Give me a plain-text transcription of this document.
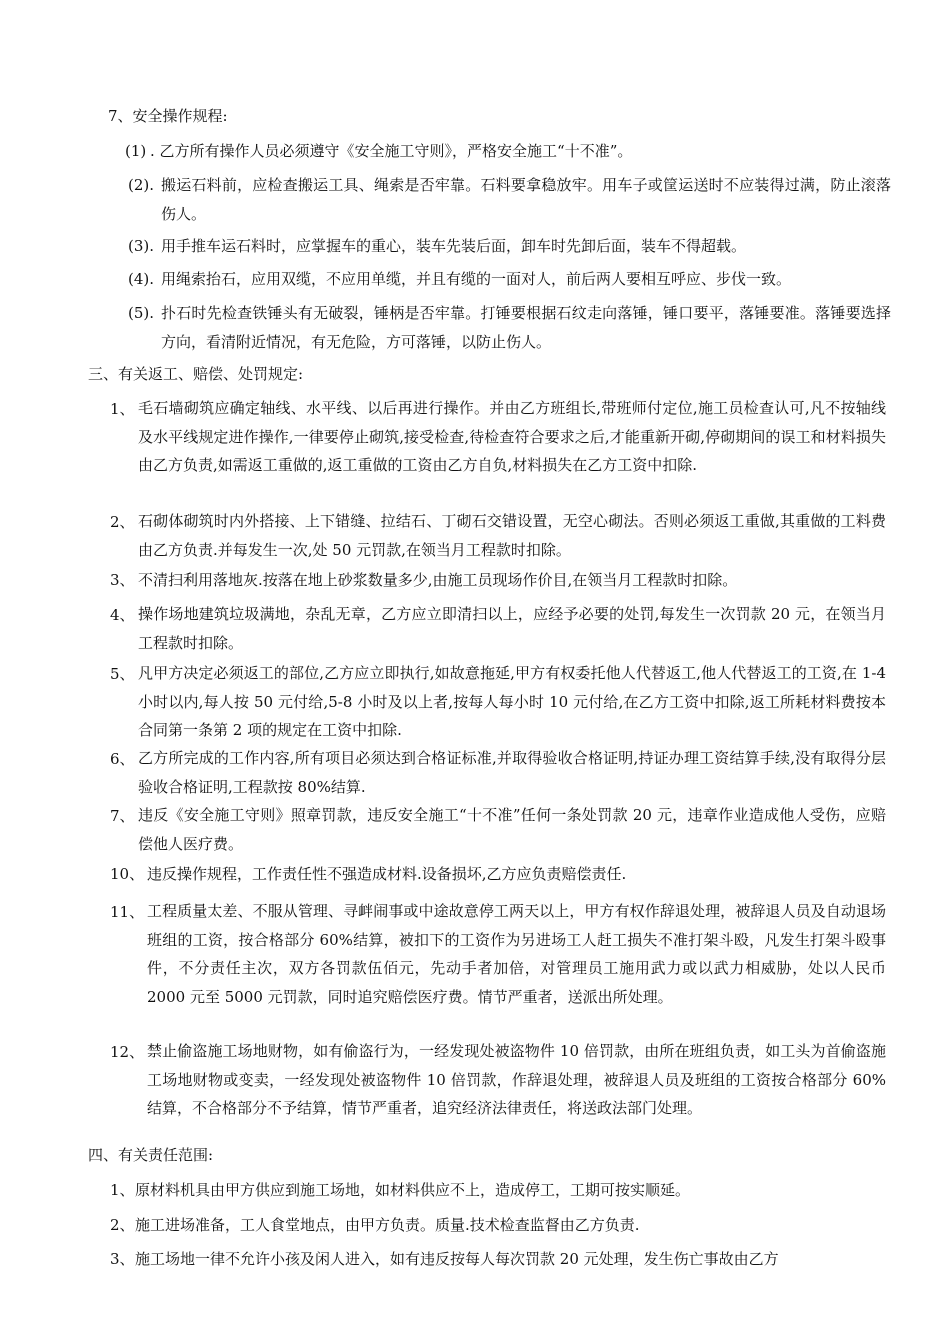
7、安全操作规程:
(1) . 乙方所有操作人员必须遵守《安全施工守则》，严格安全施工“十不准”。
(2). 搬运石料前，应检查搬运工具、绳索是否牢靠。石料要拿稳放牢。用车子或筐运送时不应装得过满，防止滚落伤人。
(3). 用手推车运石料时，应掌握车的重心，装车先装后面，卸车时先卸后面，装车不得超载。
(4). 用绳索抬石，应用双缆，不应用单缆，并且有缆的一面对人，前后两人要相互呼应、步伐一致。
(5). 扑石时先检查铁锤头有无破裂，锤柄是否牢靠。打锤要根据石纹走向落锤，锤口要平，落锤要准。落锤要选择方向，看清附近情况，有无危险，方可落锤，以防止伤人。
三、有关返工、赔偿、处罚规定:
1、 毛石墙砌筑应确定轴线、水平线、以后再进行操作。并由乙方班组长,带班师付定位,施工员检查认可,凡不按轴线及水平线规定进作操作,一律要停止砌筑,接受检查,待检查符合要求之后,才能重新开砌,停砌期间的误工和材料损失由乙方负责,如需返工重做的,返工重做的工资由乙方自负,材料损失在乙方工资中扣除.
2、 石砌体砌筑时内外搭接、上下错缝、拉结石、丁砌石交错设置，无空心砌法。否则必须返工重做,其重做的工料费由乙方负责.并每发生一次,处 50 元罚款,在领当月工程款时扣除。
3、 不清扫利用落地灰.按落在地上砂浆数量多少,由施工员现场作价目,在领当月工程款时扣除。
4、 操作场地建筑垃圾满地，杂乱无章，乙方应立即清扫以上，应经予必要的处罚,每发生一次罚款 20 元，在领当月工程款时扣除。
5、 凡甲方决定必须返工的部位,乙方应立即执行,如故意拖延,甲方有权委托他人代替返工,他人代替返工的工资,在 1-4 小时以内,每人按 50 元付给,5-8 小时及以上者,按每人每小时 10 元付给,在乙方工资中扣除,返工所耗材料费按本合同第一条第 2 项的规定在工资中扣除.
6、 乙方所完成的工作内容,所有项目必须达到合格证标准,并取得验收合格证明,持证办理工资结算手续,没有取得分层验收合格证明,工程款按 80%结算.
7、 违反《安全施工守则》照章罚款，违反安全施工“十不准”任何一条处罚款 20 元，违章作业造成他人受伤，应赔偿他人医疗费。
10、 违反操作规程，工作责任性不强造成材料.设备损坏,乙方应负责赔偿责任.
11、 工程质量太差、不服从管理、寻衅闹事或中途故意停工两天以上，甲方有权作辞退处理，被辞退人员及自动退场班组的工资，按合格部分 60%结算，被扣下的工资作为另进场工人赶工损失不准打架斗殴，凡发生打架斗殴事件，不分责任主次，双方各罚款伍佰元，先动手者加倍，对管理员工施用武力或以武力相威胁，处以人民币 2000 元至 5000 元罚款，同时追究赔偿医疗费。情节严重者，送派出所处理。
12、 禁止偷盗施工场地财物，如有偷盗行为，一经发现处被盗物件 10 倍罚款，由所在班组负责，如工头为首偷盗施工场地财物或变卖，一经发现处被盗物件 10 倍罚款，作辞退处理，被辞退人员及班组的工资按合格部分 60%结算，不合格部分不予结算，情节严重者，追究经济法律责任，将送政法部门处理。
四、有关责任范围:
1、 原材料机具由甲方供应到施工场地，如材料供应不上，造成停工，工期可按实顺延。
2、 施工进场准备，工人食堂地点，由甲方负责。质量.技术检查监督由乙方负责.
3、 施工场地一律不允许小孩及闲人进入，如有违反按每人每次罚款 20 元处理，发生伤亡事故由乙方
